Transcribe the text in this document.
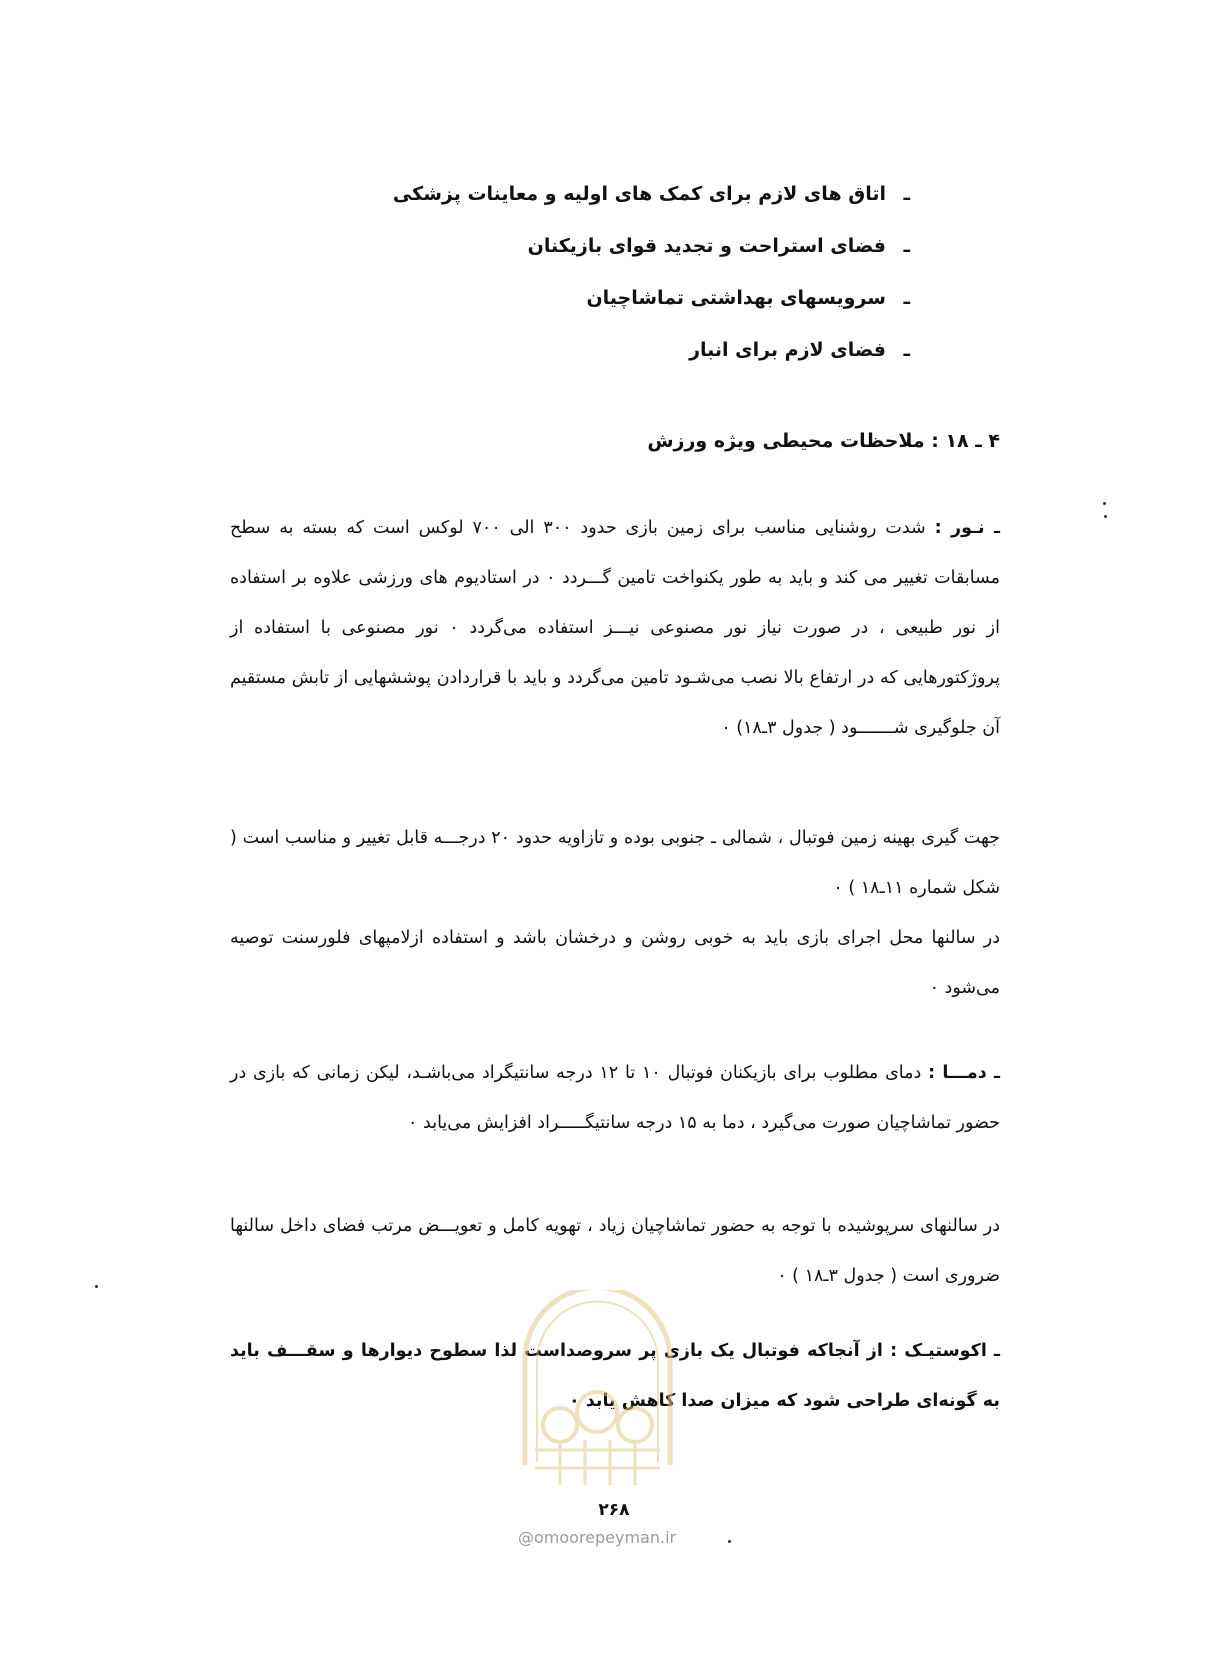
ـاتاق های لازم برای کمک های اولیه و معاینات پزشکی
ـفضای استراحت و تجدید قوای بازیکنان
ـسرویسهای بهداشتی تماشاچیان
ـفضای لازم برای انبار
۴ ـ ۱۸ : ملاحظات محیطی ویژه ورزش

ـ نـور : شدت روشنایی مناسب برای زمین بازی حدود ۳۰۰ الی ۷۰۰ لوکس است که بسته به سطح مسابقات تغییر می کند و باید به طور یکنواخت تامین گـــردد ۰ در استادیوم های ورزشی علاوه بر استفاده از نور طبیعی ، در صورت نیاز نور مصنوعی نیـــز استفاده می‌گردد ۰ نور مصنوعی با استفاده از پروژکتورهایی که در ارتفاع بالا نصب می‌شـود تامین می‌گردد و باید با قراردادن پوششهایی از تابش مستقیم آن جلوگیری شـــــــود ( جدول ۳ـ۱۸) ۰

جهت گیری بهینه زمین فوتبال ، شمالی ـ جنوبی بوده و تازاویه حدود ۲۰ درجـــه قابل تغییر و مناسب است ( شکل شماره ۱۱ـ۱۸ ) ۰

در سالنها محل اجرای بازی باید به خوبی روشن و درخشان باشد و استفاده ازلامپهای فلورسنت توصیه می‌شود ۰

ـ دمـــا : دمای مطلوب برای بازیکنان فوتبال ۱۰ تا ۱۲ درجه سانتیگراد می‌باشـد، لیکن زمانی که بازی در حضور تماشاچیان صورت می‌گیرد ، دما به ۱۵ درجه سانتیگـــــراد افزایش می‌یابد ۰

در سالنهای سرپوشیده با توجه به حضور تماشاچیان زیاد ، تهویه کامل و تعویـــض مرتب فضای داخل سالنها ضروری است ( جدول ۳ـ۱۸ ) ۰

ـ اکوستیـک : از آنجاکه فوتبال یک بازی پر سروصداست لذا سطوح دیوارها و سقـــف باید به گونه‌ای طراحی شود که میزان صدا کاهش یابد ۰

۲۶۸
@omoorepeyman.ir
